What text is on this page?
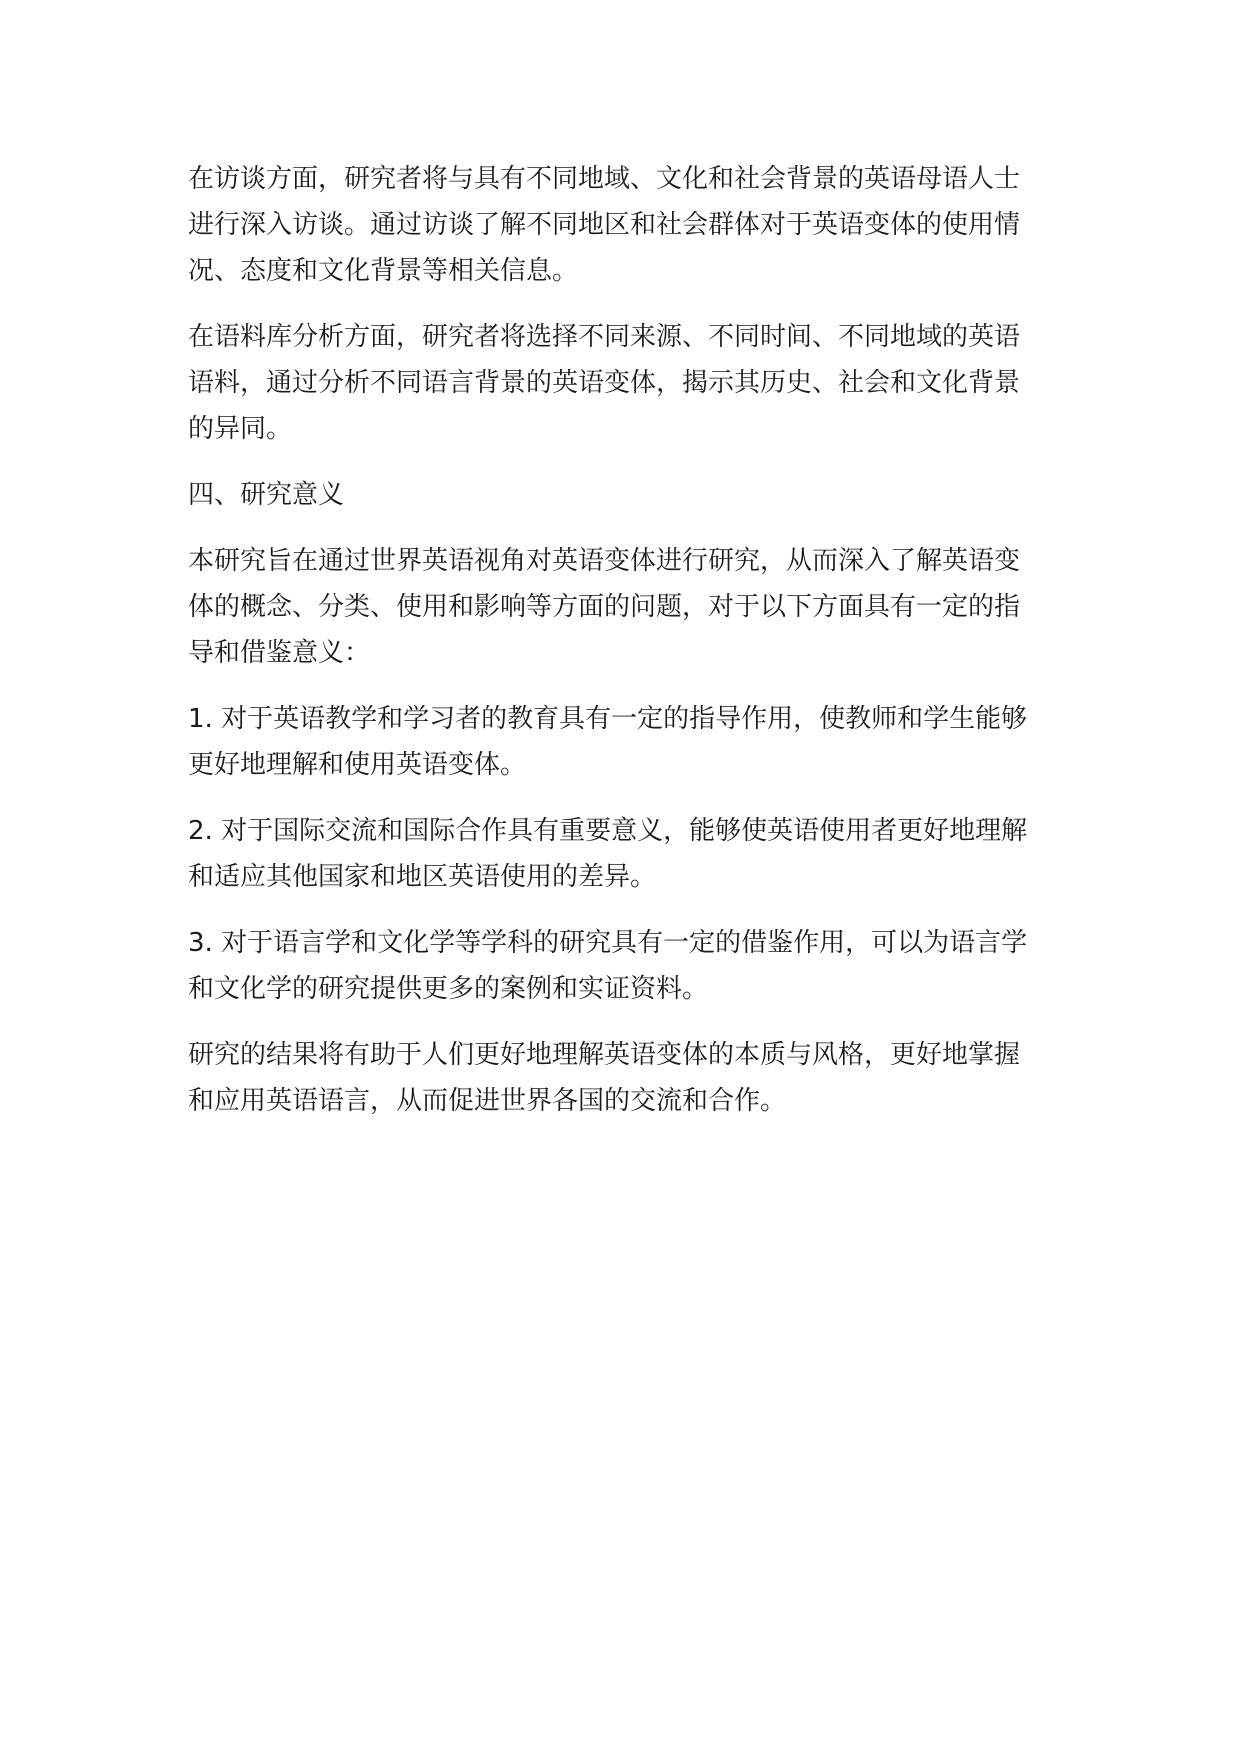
在访谈方面，研究者将与具有不同地域、文化和社会背景的英语母语人士进行深入访谈。通过访谈了解不同地区和社会群体对于英语变体的使用情况、态度和文化背景等相关信息。

在语料库分析方面，研究者将选择不同来源、不同时间、不同地域的英语语料，通过分析不同语言背景的英语变体，揭示其历史、社会和文化背景的异同。

四、研究意义

本研究旨在通过世界英语视角对英语变体进行研究，从而深入了解英语变体的概念、分类、使用和影响等方面的问题，对于以下方面具有一定的指导和借鉴意义：

1. 对于英语教学和学习者的教育具有一定的指导作用，使教师和学生能够更好地理解和使用英语变体。

2. 对于国际交流和国际合作具有重要意义，能够使英语使用者更好地理解和适应其他国家和地区英语使用的差异。

3. 对于语言学和文化学等学科的研究具有一定的借鉴作用，可以为语言学和文化学的研究提供更多的案例和实证资料。

研究的结果将有助于人们更好地理解英语变体的本质与风格，更好地掌握和应用英语语言，从而促进世界各国的交流和合作。
